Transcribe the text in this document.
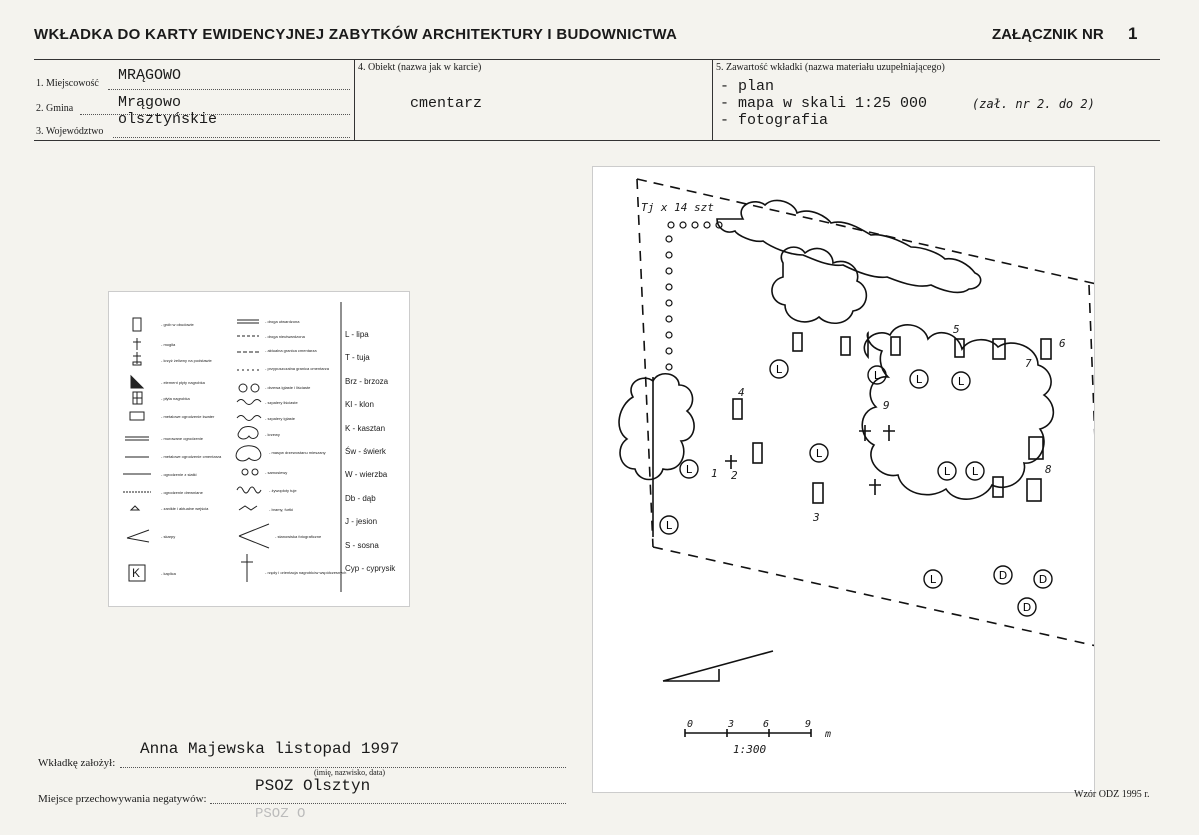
WKŁADKA DO KARTY EWIDENCYJNEJ ZABYTKÓW ARCHITEKTURY I BUDOWNICTWA	ZAŁĄCZNIK NR 1
1. Miejscowość MRĄGOWO
2. Gmina	Mrągowo
3. Województwo
olsztyńskie
4. Obiekt (nazwa jak w karcie)
cmentarz
5. Zawartość wkładki (nazwa materiału uzupełniającego)
- plan
- mapa w skali 1:25 000
- fotografia
(zał. nr 2. do 2)
- grób w obudowie
- mogiła
- krzyż żeliwny na podstawie
- element płyty nagrobka
- płyta nagrobka
- metalowe ogrodzenie kwater
- murowane ogrodzenie
- metalowe ogrodzenie cmentarza
- ogrodzenie z siatki
- ogrodzenie drewniane
- zanikłe i aktualne wejścia
- skarpy
- kaplica
K
- droga utwardzona
- droga nieutwardzona
- aktualna granica cmentarza
- przypuszczalna granica cmentarza
- drzewa iglaste i liściaste
- szpalery liściaste
- szpalery iglaste
- krzewy
- masyw drzewostanu mieszany
- samosiewy
- żywopłoty tuje
- bramy, furtki
- stanowiska fotograficzne
- rzędy i orientacja nagrobków współczesnych
L - lipa
T - tuja
Brz - brzoza
Kl - klon
K - kasztan
Św - świerk
W - wierzba
Db - dąb
J - jesion
S - sosna
Cyp - cyprysik
L	L	L	L
L
L
L L
L
L	D	D
D
Tj x 14 szt
0	3	6	9
m
1:300
4
5
7
9
1 2
3
8
6
Wkładkę założył:
Anna Majewska listopad 1997
(imię, nazwisko, data)
Miejsce przechowywania negatywów:
PSOZ Olsztyn
PSOZ O
Wzór ODZ 1995 r.
